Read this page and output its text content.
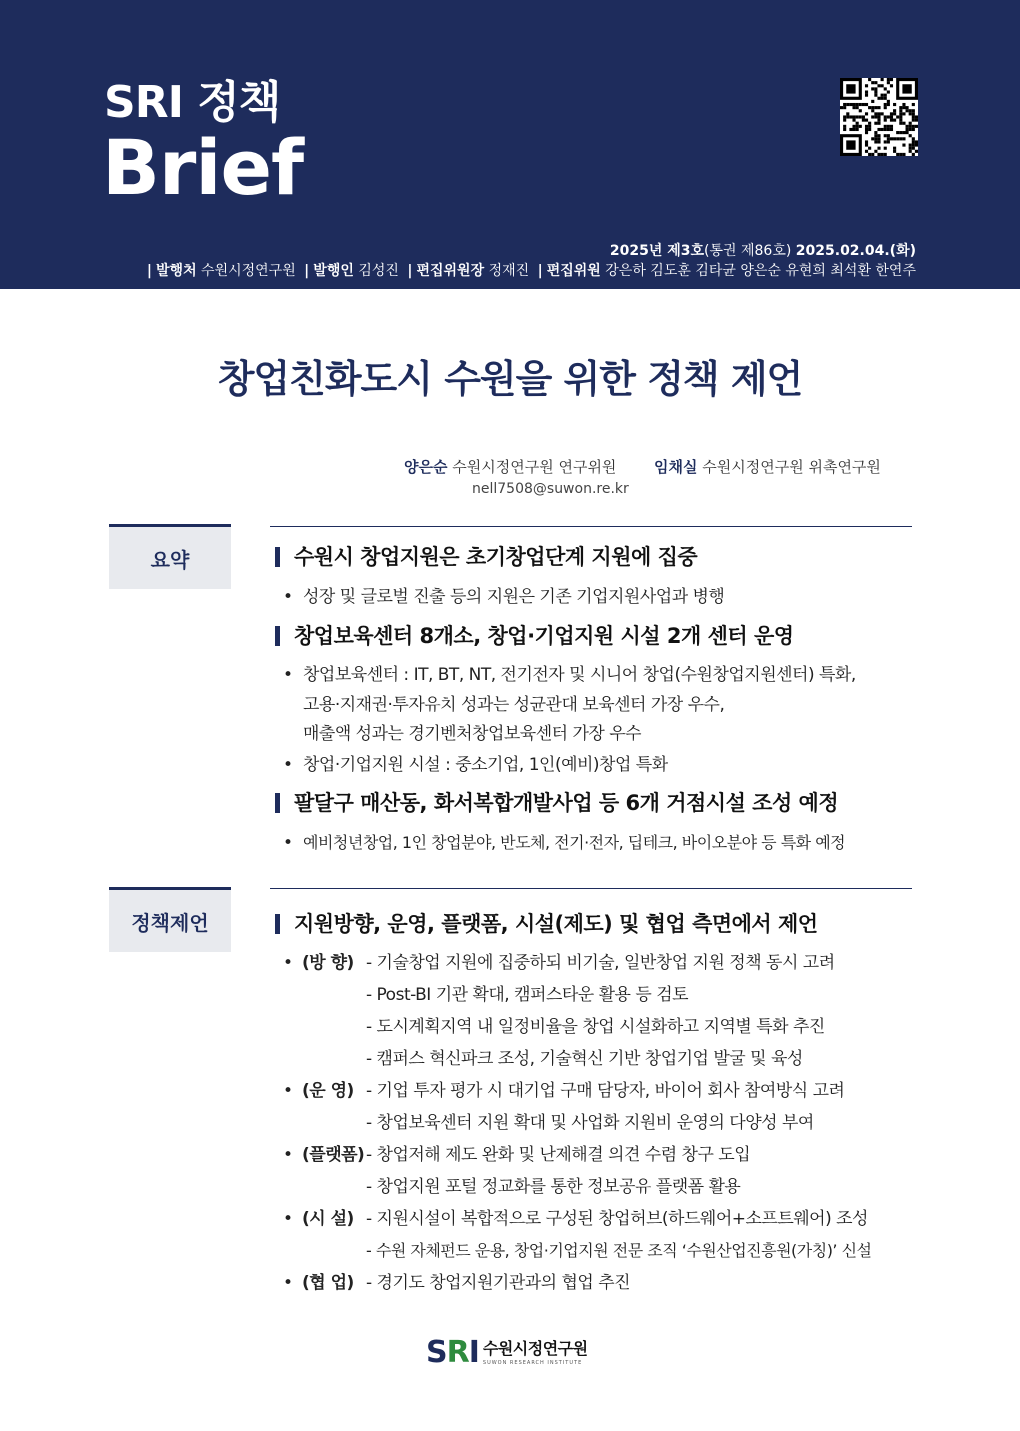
SRI 정책
Brief
2025년 제3호(통권 제86호) 2025.02.04.(화)
| 발행처 수원시정연구원 | 발행인 김성진 | 편집위원장 정재진 | 편집위원 강은하 김도훈 김타균 양은순 유현희 최석환 한연주
창업친화도시 수원을 위한 정책 제언
양은순 수원시정연구원 연구위원
nell7508@suwon.re.kr
임채실 수원시정연구원 위촉연구원
요약	수원시 창업지원은 초기창업단계 지원에 집중
• 성장 및 글로벌 진출 등의 지원은 기존 기업지원사업과 병행
창업보육센터 8개소, 창업·기업지원 시설 2개 센터 운영
• 창업보육센터 : IT, BT, NT, 전기전자 및 시니어 창업(수원창업지원센터) 특화,
고용·지재권·투자유치 성과는 성균관대 보육센터 가장 우수,
매출액 성과는 경기벤처창업보육센터 가장 우수
• 창업·기업지원 시설 : 중소기업, 1인(예비)창업 특화
팔달구 매산동, 화서복합개발사업 등 6개 거점시설 조성 예정
• 예비청년창업, 1인 창업분야, 반도체, 전기·전자, 딥테크, 바이오분야 등 특화 예정
정책제언	지원방향, 운영, 플랫폼, 시설(제도) 및 협업 측면에서 제언
• (방 향) - 기술창업 지원에 집중하되 비기술, 일반창업 지원 정책 동시 고려
- Post-BI 기관 확대, 캠퍼스타운 활용 등 검토
- 도시계획지역 내 일정비율을 창업 시설화하고 지역별 특화 추진
- 캠퍼스 혁신파크 조성, 기술혁신 기반 창업기업 발굴 및 육성
• (운 영) - 기업 투자 평가 시 대기업 구매 담당자, 바이어 회사 참여방식 고려
- 창업보육센터 지원 확대 및 사업화 지원비 운영의 다양성 부여
• (플랫폼) - 창업저해 제도 완화 및 난제해결 의견 수렴 창구 도입
- 창업지원 포털 정교화를 통한 정보공유 플랫폼 활용
• (시 설) - 지원시설이 복합적으로 구성된 창업허브(하드웨어+소프트웨어) 조성
- 수원 자체펀드 운용, 창업·기업지원 전문 조직 ‘수원산업진흥원(가칭)’ 신설
• (협 업) - 경기도 창업지원기관과의 협업 추진
SRI 수원시정연구원
SUWON RESEARCH INSTITUTE
